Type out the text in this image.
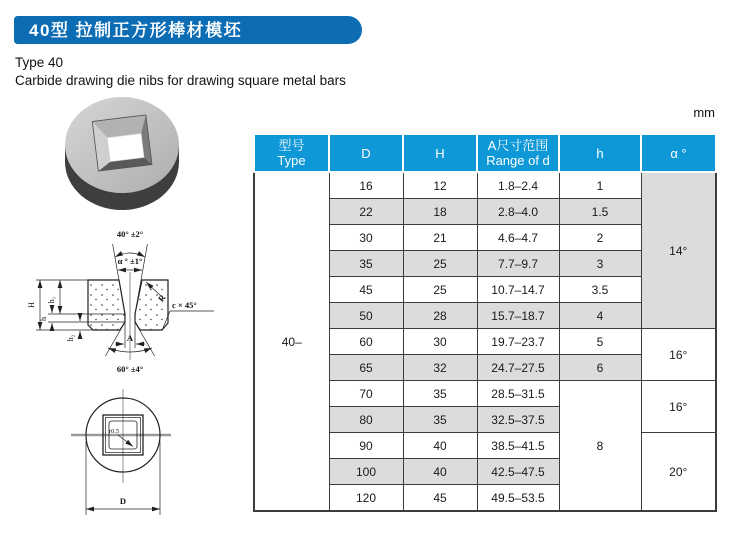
40型 拉制正方形棒材模坯
Type 40
Carbide drawing die nibs for drawing square metal bars
mm
40° ±2°
α ° ±1°
60° ±4°
A
H
h₁
h
h₂
R
c × 45°
r0.5
D
型号
Type	D	H	A尺寸范围
Range of d	h	α °
40–	16	12	1.8–2.4	1	14°
	22	18	2.8–4.0	1.5	
	30	21	4.6–4.7	2	
	35	25	7.7–9.7	3	
	45	25	10.7–14.7	3.5	
	50	28	15.7–18.7	4	
	60	30	19.7–23.7	5	16°
	65	32	24.7–27.5	6	
	70	35	28.5–31.5	8	16°
	80	35	32.5–37.5		
	90	40	38.5–41.5		20°
	100	40	42.5–47.5		
	120	45	49.5–53.5		
